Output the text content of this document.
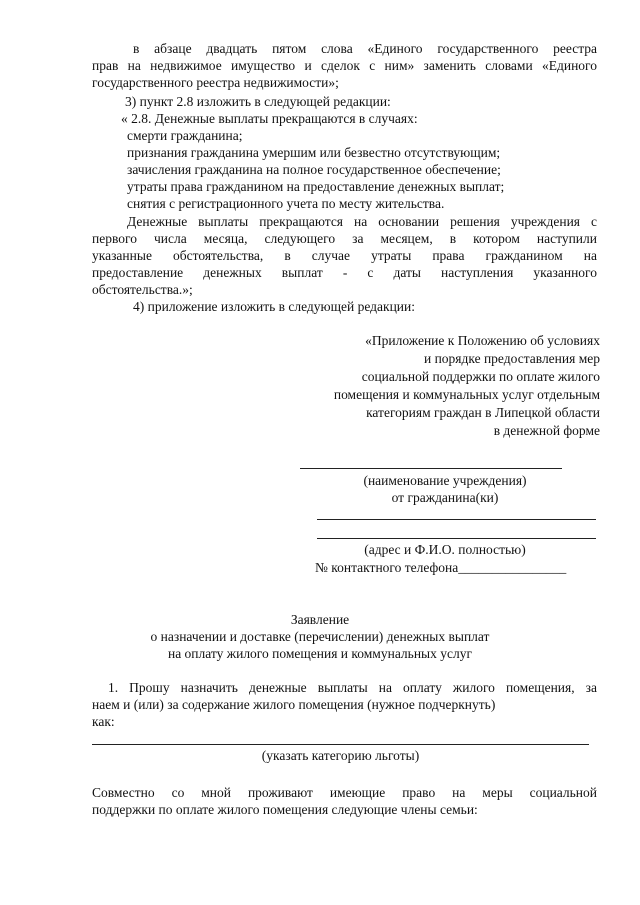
в абзаце двадцать пятом слова «Единого государственного реестра
прав на недвижимое имущество и сделок с ним» заменить словами «Единого
государственного реестра недвижимости»;
3) пункт 2.8 изложить в следующей редакции:
« 2.8. Денежные выплаты прекращаются в случаях:
смерти гражданина;
признания гражданина умершим или безвестно отсутствующим;
зачисления гражданина на полное государственное обеспечение;
утраты права гражданином на предоставление денежных выплат;
снятия с регистрационного учета по месту жительства.
Денежные выплаты прекращаются на основании решения учреждения с
первого числа месяца, следующего за месяцем, в котором наступили
указанные обстоятельства, в случае утраты права гражданином на
предоставление денежных выплат - с даты наступления указанного
обстоятельства.»;
4) приложение изложить в следующей редакции:
«Приложение к Положению об условиях
и порядке предоставления мер
социальной поддержки по оплате жилого
помещения и коммунальных услуг отдельным
категориям граждан в Липецкой области
в денежной форме
(наименование учреждения)
от гражданина(ки)
(адрес и Ф.И.О. полностью)
№ контактного телефона________________
Заявление
о назначении и доставке (перечислении) денежных выплат
на оплату жилого помещения и коммунальных услуг
1. Прошу назначить денежные выплаты на оплату жилого помещения, за
наем и (или) за содержание жилого помещения (нужное подчеркнуть)
как:
(указать категорию льготы)
Совместно со мной проживают имеющие право на меры социальной
поддержки по оплате жилого помещения следующие члены семьи:
